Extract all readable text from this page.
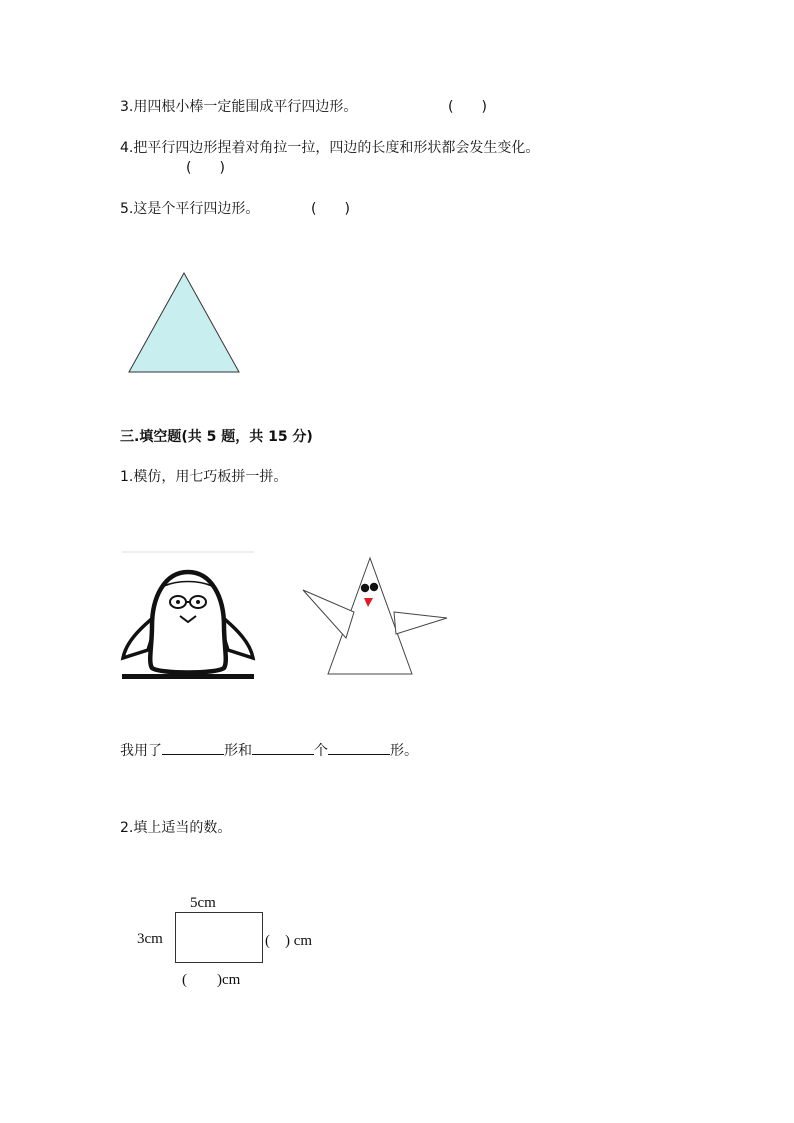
3.用四根小棒一定能围成平行四边形。	(　　)
4.把平行四边形捏着对角拉一拉，四边的长度和形状都会发生变化。
(　　)
5.这是个平行四边形。	(　　)
三.填空题(共 5 题，共 15 分)
1.模仿，用七巧板拼一拼。
我用了	形和	个	形。
2.填上适当的数。
5cm
3cm	(　) cm
(　　)cm
